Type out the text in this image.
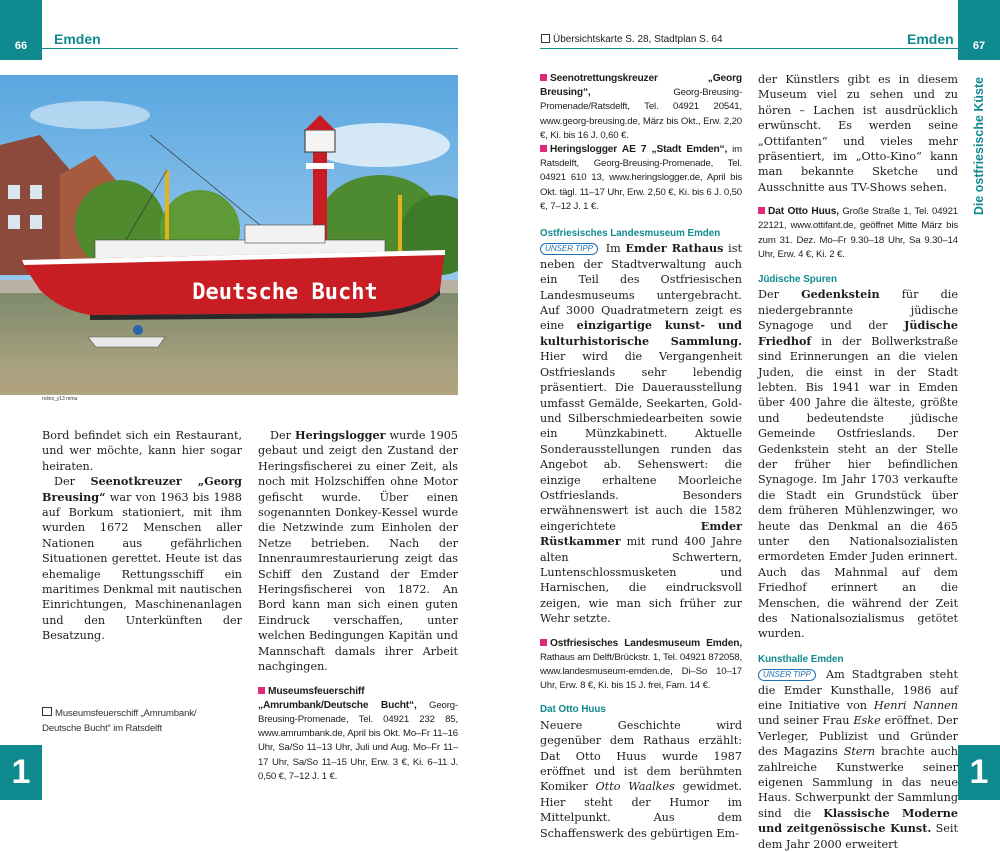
66 Emden
Deutsche Bucht
rolins_y13 mma

Bord befindet sich ein Restaurant, und wer möchte, kann hier sogar heiraten.

Der Seenotkreuzer „Georg Breusing“ war von 1963 bis 1988 auf Borkum stationiert, mit ihm wurden 1672 Menschen aller Nationen aus gefährlichen Situationen gerettet. Heute ist das ehemalige Rettungsschiff ein maritimes Denkmal mit nautischen Einrichtungen, Maschinenanlagen und den Unterkünften der Besatzung.

Der Heringslogger wurde 1905 gebaut und zeigt den Zustand der Heringsfischerei zu einer Zeit, als noch mit Holzschiffen ohne Motor gefischt wurde. Über einen sogenannten Donkey-Kessel wurde die Netzwinde zum Einholen der Netze betrieben. Nach der Innenraumrestaurierung zeigt das Schiff den Zustand der Emder Heringsfischerei von 1872. An Bord kann man sich einen guten Eindruck verschaffen, unter welchen Bedingungen Kapitän und Mannschaft damals ihrer Arbeit nachgingen.

Museumsfeuerschiff „Amrumbank/Deutsche Bucht“, Georg-Breusing-Promenade, Tel. 04921 232 85, www.amrumbank.de, April bis Okt. Mo–Fr 11–16 Uhr, Sa/So 11–13 Uhr, Juli und Aug. Mo–Fr 11–17 Uhr, Sa/So 11–15 Uhr, Erw. 3 €, Ki. 6–11 J. 0,50 €, 7–12 J. 1 €.
Museumsfeuerschiff „Amrumbank/
Deutsche Bucht“ im Ratsdelft
1
Übersichtskarte S. 28, Stadtplan S. 64	Emden 67
Die ostfriesische Küste
Seenotrettungskreuzer „Georg Breusing“, Georg-Breusing-Promenade/Ratsdelft, Tel. 04921 20541, www.georg-breusing.de, März bis Okt., Erw. 2,20 €, Ki. bis 16 J. 0,60 €.
Heringslogger AE 7 „Stadt Emden“, im Ratsdelft, Georg-Breusing-Promenade, Tel. 04921 610 13, www.heringslogger.de, April bis Okt. tägl. 11–17 Uhr, Erw. 2,50 €, Ki. bis 6 J. 0,50 €, 7–12 J. 1 €.
Ostfriesisches Landesmuseum Emden

UNSER TIPP Im Emder Rathaus ist neben der Stadtverwaltung auch ein Teil des Ostfriesischen Landesmuseums untergebracht. Auf 3000 Quadratmetern zeigt es eine einzigartige kunst- und kulturhistorische Sammlung. Hier wird die Vergangenheit Ostfrieslands sehr lebendig präsentiert. Die Dauerausstellung umfasst Gemälde, Seekarten, Gold- und Silberschmiedearbeiten sowie ein Münzkabinett. Aktuelle Sonderausstellungen runden das Angebot ab. Sehenswert: die einzige erhaltene Moorleiche Ostfrieslands. Besonders erwähnenswert ist auch die 1582 eingerichtete Emder Rüstkammer mit rund 400 Jahre alten Schwertern, Luntenschlossmusketen und Harnischen, die eindrucksvoll zeigen, wie man sich früher zur Wehr setzte.

Ostfriesisches Landesmuseum Emden, Rathaus am Delft/Brückstr. 1, Tel. 04921 872058, www.landesmuseum-emden.de, Di–So 10–17 Uhr, Erw. 8 €, Ki. bis 15 J. frei, Fam. 14 €.
Dat Otto Huus

Neuere Geschichte wird gegenüber dem Rathaus erzählt: Dat Otto Huus wurde 1987 eröffnet und ist dem berühmten Komiker Otto Waalkes gewidmet. Hier steht der Humor im Mittelpunkt. Aus dem Schaffenswerk des gebürtigen Em-

der Künstlers gibt es in diesem Museum viel zu sehen und zu hören – Lachen ist ausdrücklich erwünscht. Es werden seine „Ottifanten“ und vieles mehr präsentiert, im „Otto-Kino“ kann man bekannte Sketche und Ausschnitte aus TV-Shows sehen.

Dat Otto Huus, Große Straße 1, Tel. 04921 22121, www.ottifant.de, geöffnet Mitte März bis zum 31. Dez. Mo–Fr 9.30–18 Uhr, Sa 9.30–14 Uhr, Erw. 4 €, Ki. 2 €.
Jüdische Spuren

Der Gedenkstein für die niedergebrannte jüdische Synagoge und der Jüdische Friedhof in der Bollwerkstraße sind Erinnerungen an die vielen Juden, die einst in der Stadt lebten. Bis 1941 war in Emden über 400 Jahre die älteste, größte und bedeutendste jüdische Gemeinde Ostfrieslands. Der Gedenkstein steht an der Stelle der früher hier befindlichen Synagoge. Im Jahr 1703 verkaufte die Stadt ein Grundstück über dem früheren Mühlenzwinger, wo heute das Denkmal an die 465 unter den Nationalsozialisten ermordeten Emder Juden erinnert. Auch das Mahnmal auf dem Friedhof erinnert an die Menschen, die während der Zeit des Nationalsozialismus getötet wurden.

Kunsthalle Emden

UNSER TIPP Am Stadtgraben steht die Emder Kunsthalle, 1986 auf eine Initiative von Henri Nannen und seiner Frau Eske eröffnet. Der Verleger, Publizist und Gründer des Magazins Stern brachte auch zahlreiche Kunstwerke seiner eigenen Sammlung in das neue Haus. Schwerpunkt der Sammlung sind die Klassische Moderne und zeitgenössische Kunst. Seit dem Jahr 2000 erweitert

1
